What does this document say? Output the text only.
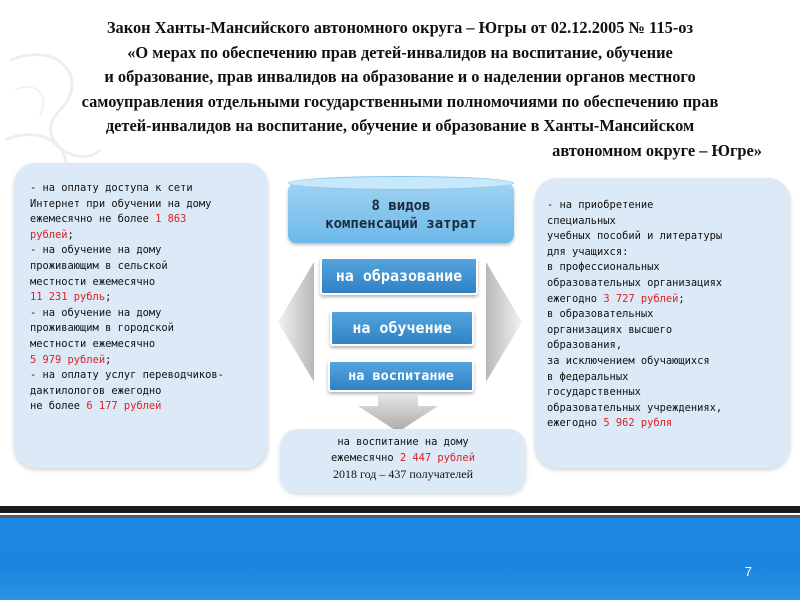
Закон Ханты-Мансийского автономного округа – Югры от 02.12.2005 № 115-оз
«О мерах по обеспечению прав детей-инвалидов на воспитание, обучение
и образование, прав инвалидов на образование и о наделении органов местного
самоуправления отдельными государственными полномочиями по обеспечению прав
детей-инвалидов на воспитание, обучение и образование в Ханты-Мансийском
автономном округе – Югре»
- на оплату доступа к сети
Интернет при обучении на дому
ежемесячно не более 1 863
рублей;
- на обучение на дому
проживающим в сельской
местности ежемесячно
11 231 рубль;
- на обучение на дому
проживающим в городской
местности ежемесячно
5 979 рублей;
- на оплату услуг переводчиков-
дактилологов ежегодно
не более 6 177 рублей
8 видов
компенсаций затрат
на образование
на обучение
на воспитание
на воспитание на дому
ежемесячно 2 447 рублей
2018 год – 437 получателей
- на приобретение
специальных
учебных пособий и литературы
для учащихся:
в профессиональных
образовательных организациях
ежегодно 3 727 рублей;
в образовательных
организациях высшего
образования,
за исключением обучающихся
в федеральных
государственных
образовательных учреждениях,
ежегодно 5 962 рубля
7
